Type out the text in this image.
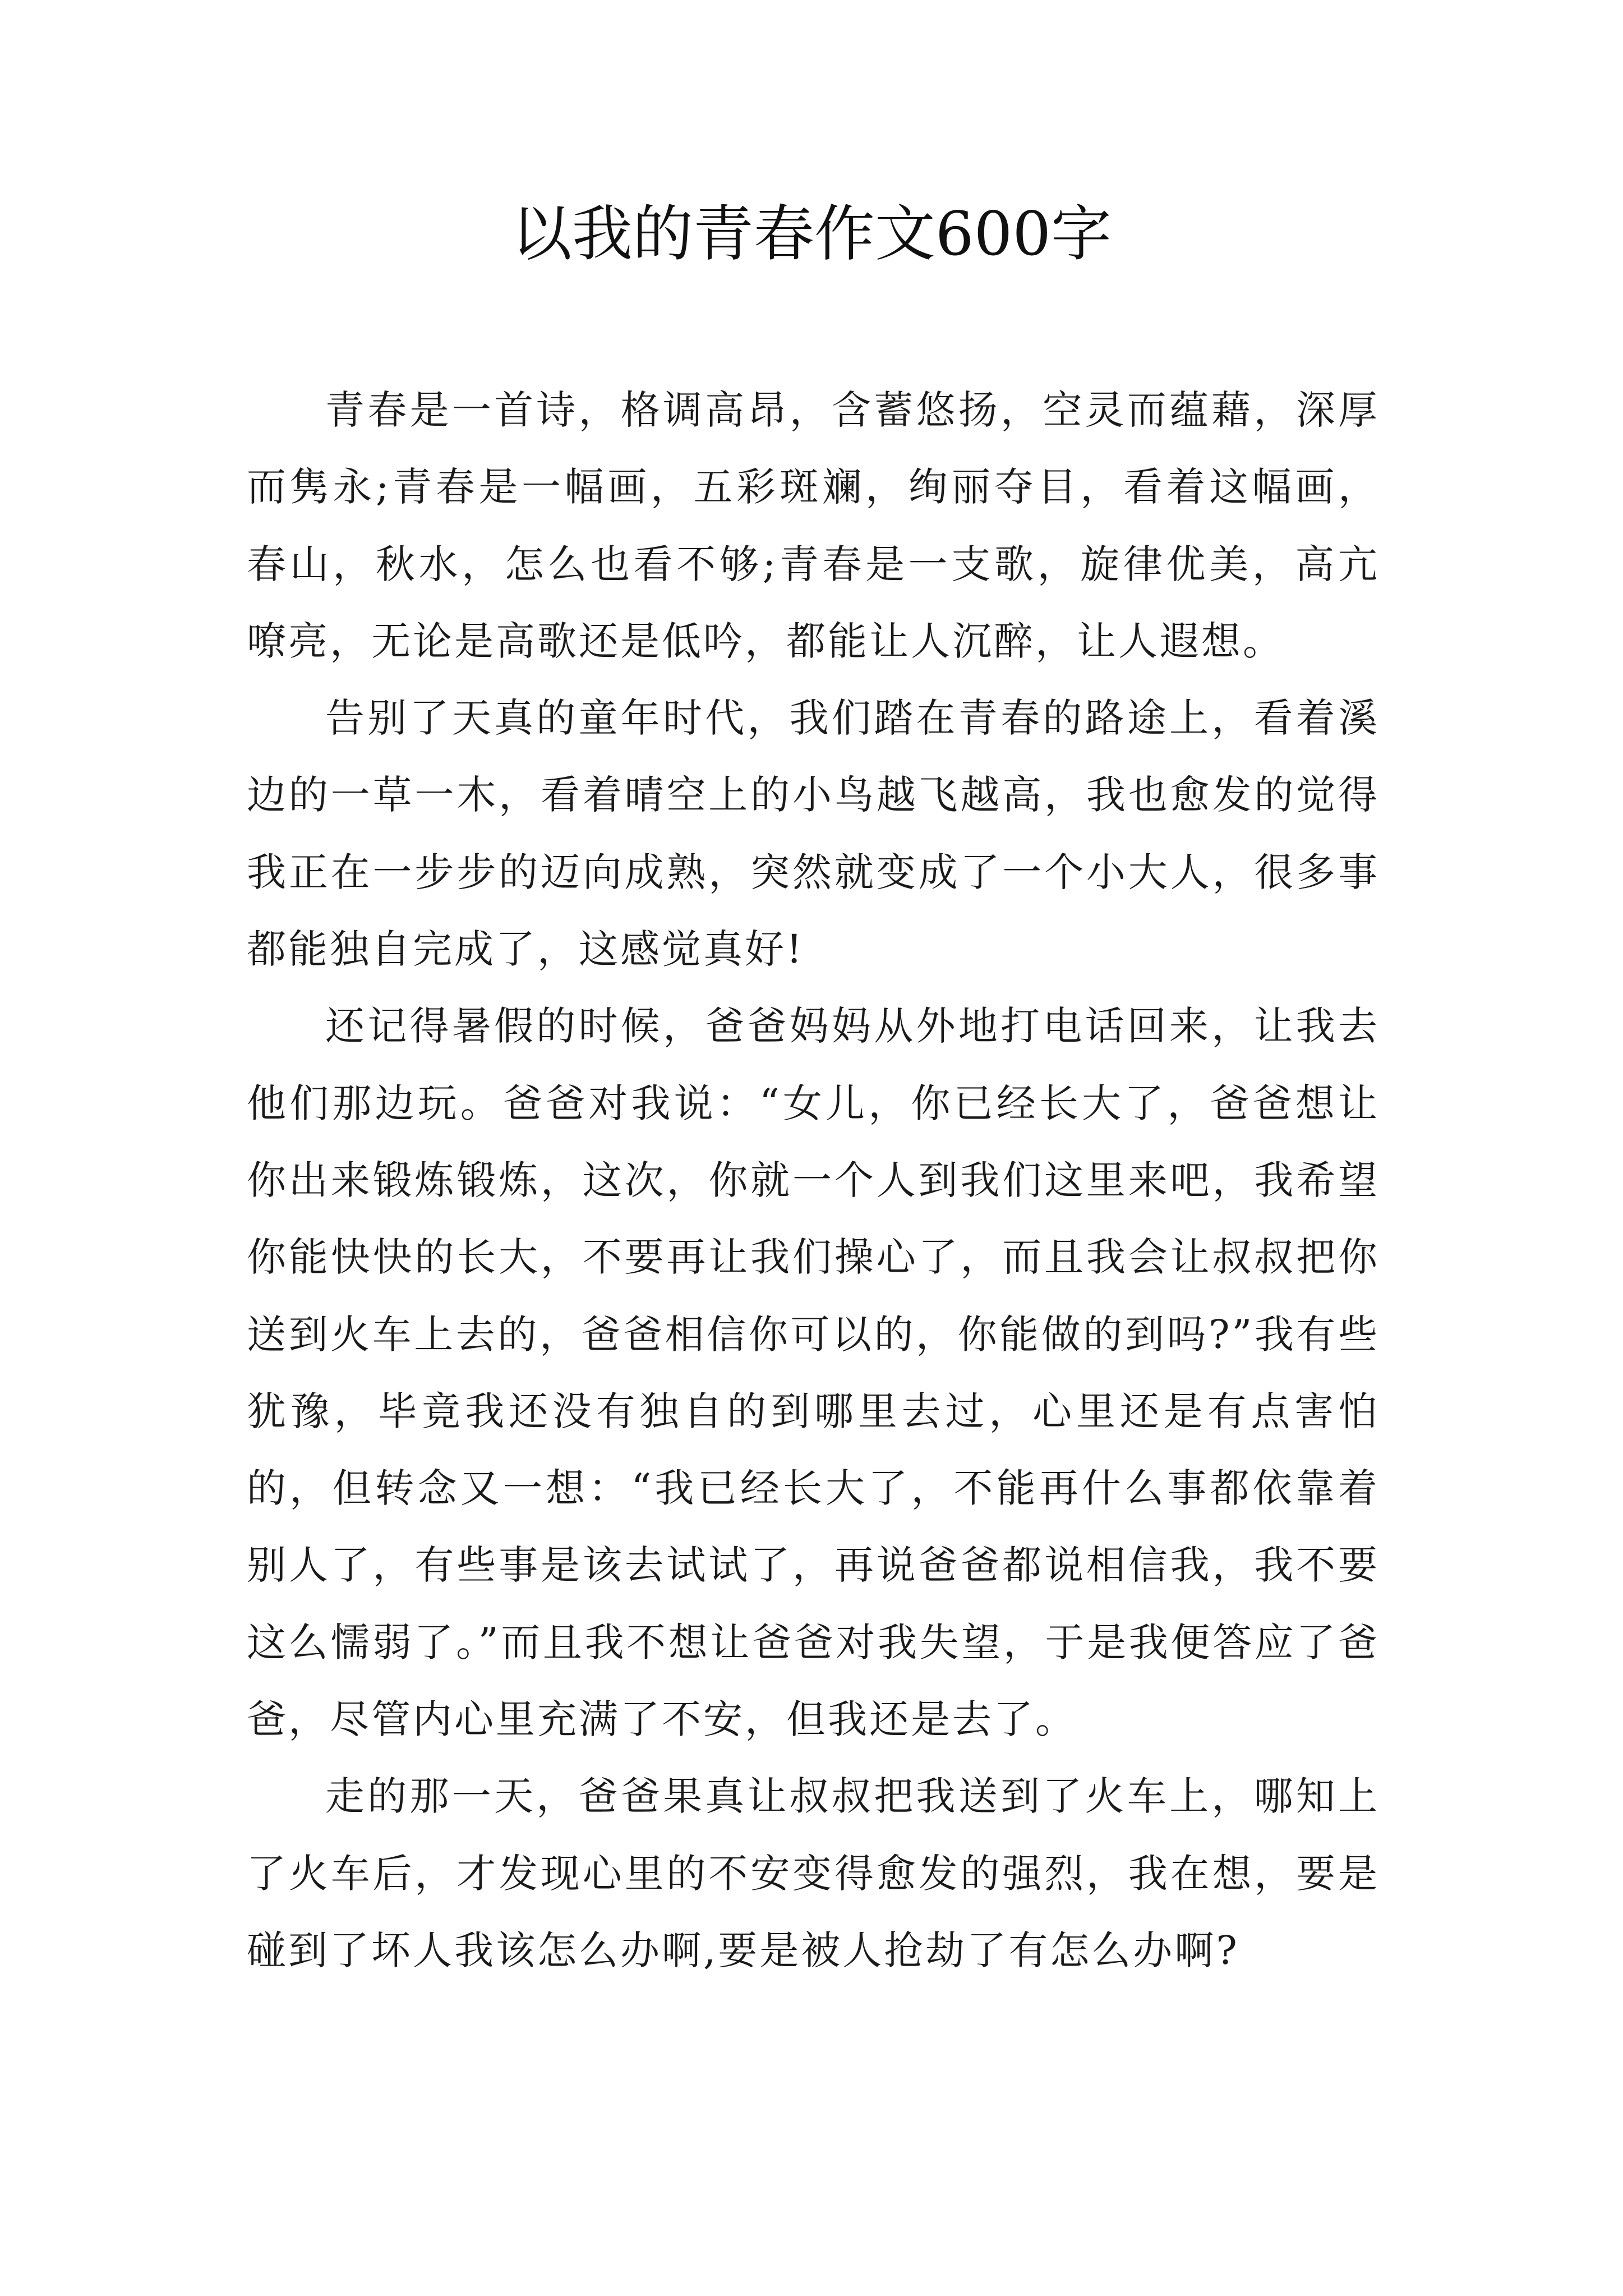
以我的青春作文600字

青春是一首诗，格调高昂，含蓄悠扬，空灵而蕴藉，深厚而隽永;青春是一幅画，五彩斑斓，绚丽夺目，看着这幅画，春山，秋水，怎么也看不够;青春是一支歌，旋律优美，高亢嘹亮，无论是高歌还是低吟，都能让人沉醉，让人遐想。

告别了天真的童年时代，我们踏在青春的路途上，看着溪边的一草一木，看着晴空上的小鸟越飞越高，我也愈发的觉得我正在一步步的迈向成熟，突然就变成了一个小大人，很多事都能独自完成了，这感觉真好!

还记得暑假的时候，爸爸妈妈从外地打电话回来，让我去他们那边玩。爸爸对我说：“女儿，你已经长大了，爸爸想让你出来锻炼锻炼，这次，你就一个人到我们这里来吧，我希望你能快快的长大，不要再让我们操心了，而且我会让叔叔把你送到火车上去的，爸爸相信你可以的，你能做的到吗?”我有些犹豫，毕竟我还没有独自的到哪里去过，心里还是有点害怕的，但转念又一想：“我已经长大了，不能再什么事都依靠着别人了，有些事是该去试试了，再说爸爸都说相信我，我不要这么懦弱了。”而且我不想让爸爸对我失望，于是我便答应了爸爸，尽管内心里充满了不安，但我还是去了。

走的那一天，爸爸果真让叔叔把我送到了火车上，哪知上了火车后，才发现心里的不安变得愈发的强烈，我在想，要是碰到了坏人我该怎么办啊,要是被人抢劫了有怎么办啊?
